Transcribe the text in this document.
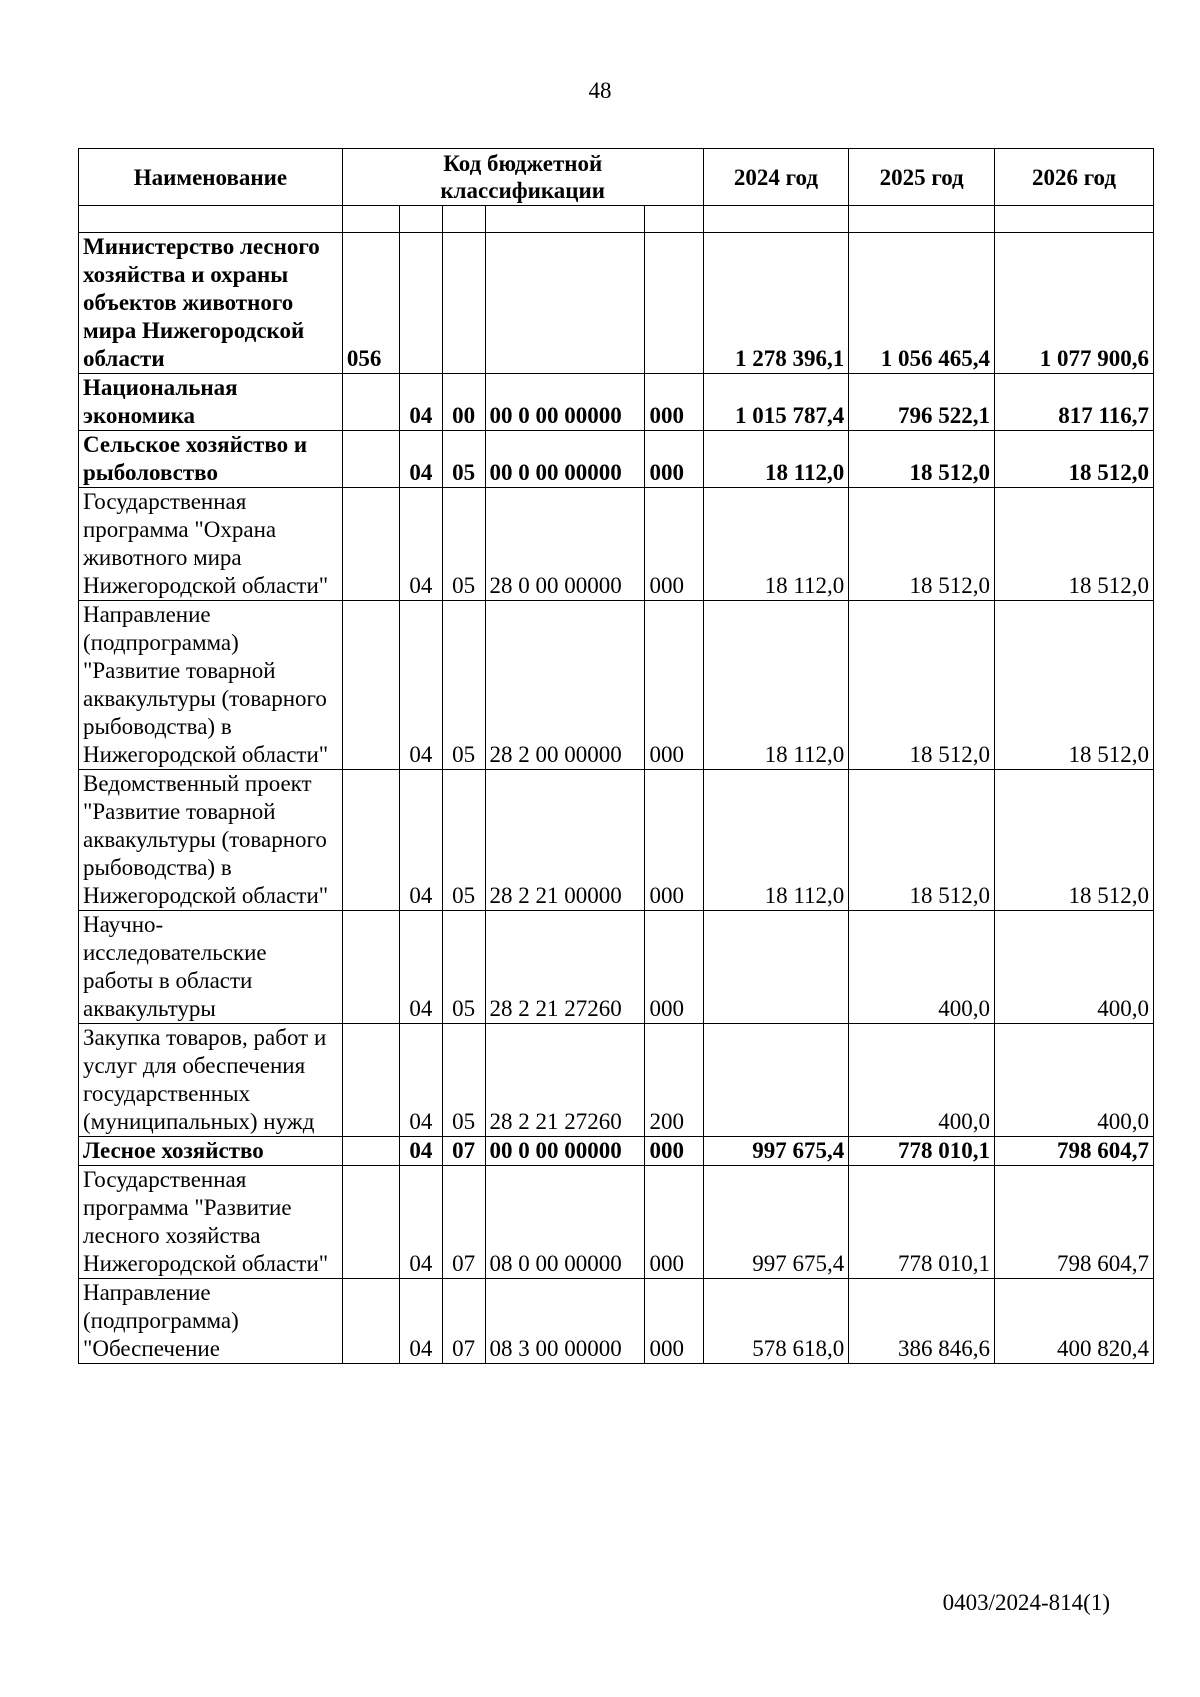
48
Наименование	Код бюджетной
классификации					2024 год	2025 год	2026 год

Министерство лесного хозяйства и охраны объектов животного мира Нижегородской области	056					1 278 396,1	1 056 465,4	1 077 900,6
Национальная экономика		04	00	00 0 00 00000	000	1 015 787,4	796 522,1	817 116,7
Сельское хозяйство и рыболовство		04	05	00 0 00 00000	000	18 112,0	18 512,0	18 512,0
Государственная программа "Охрана животного мира Нижегородской области"		04	05	28 0 00 00000	000	18 112,0	18 512,0	18 512,0
Направление (подпрограмма) "Развитие товарной аквакультуры (товарного рыбоводства) в Нижегородской области"		04	05	28 2 00 00000	000	18 112,0	18 512,0	18 512,0
Ведомственный проект "Развитие товарной аквакультуры (товарного рыбоводства) в Нижегородской области"		04	05	28 2 21 00000	000	18 112,0	18 512,0	18 512,0
Научно-исследовательские работы в области аквакультуры		04	05	28 2 21 27260	000		400,0	400,0
Закупка товаров, работ и услуг для обеспечения государственных (муниципальных) нужд		04	05	28 2 21 27260	200		400,0	400,0
Лесное хозяйство		04	07	00 0 00 00000	000	997 675,4	778 010,1	798 604,7
Государственная программа "Развитие лесного хозяйства Нижегородской области"		04	07	08 0 00 00000	000	997 675,4	778 010,1	798 604,7
Направление (подпрограмма) "Обеспечение		04	07	08 3 00 00000	000	578 618,0	386 846,6	400 820,4
0403/2024-814(1)
